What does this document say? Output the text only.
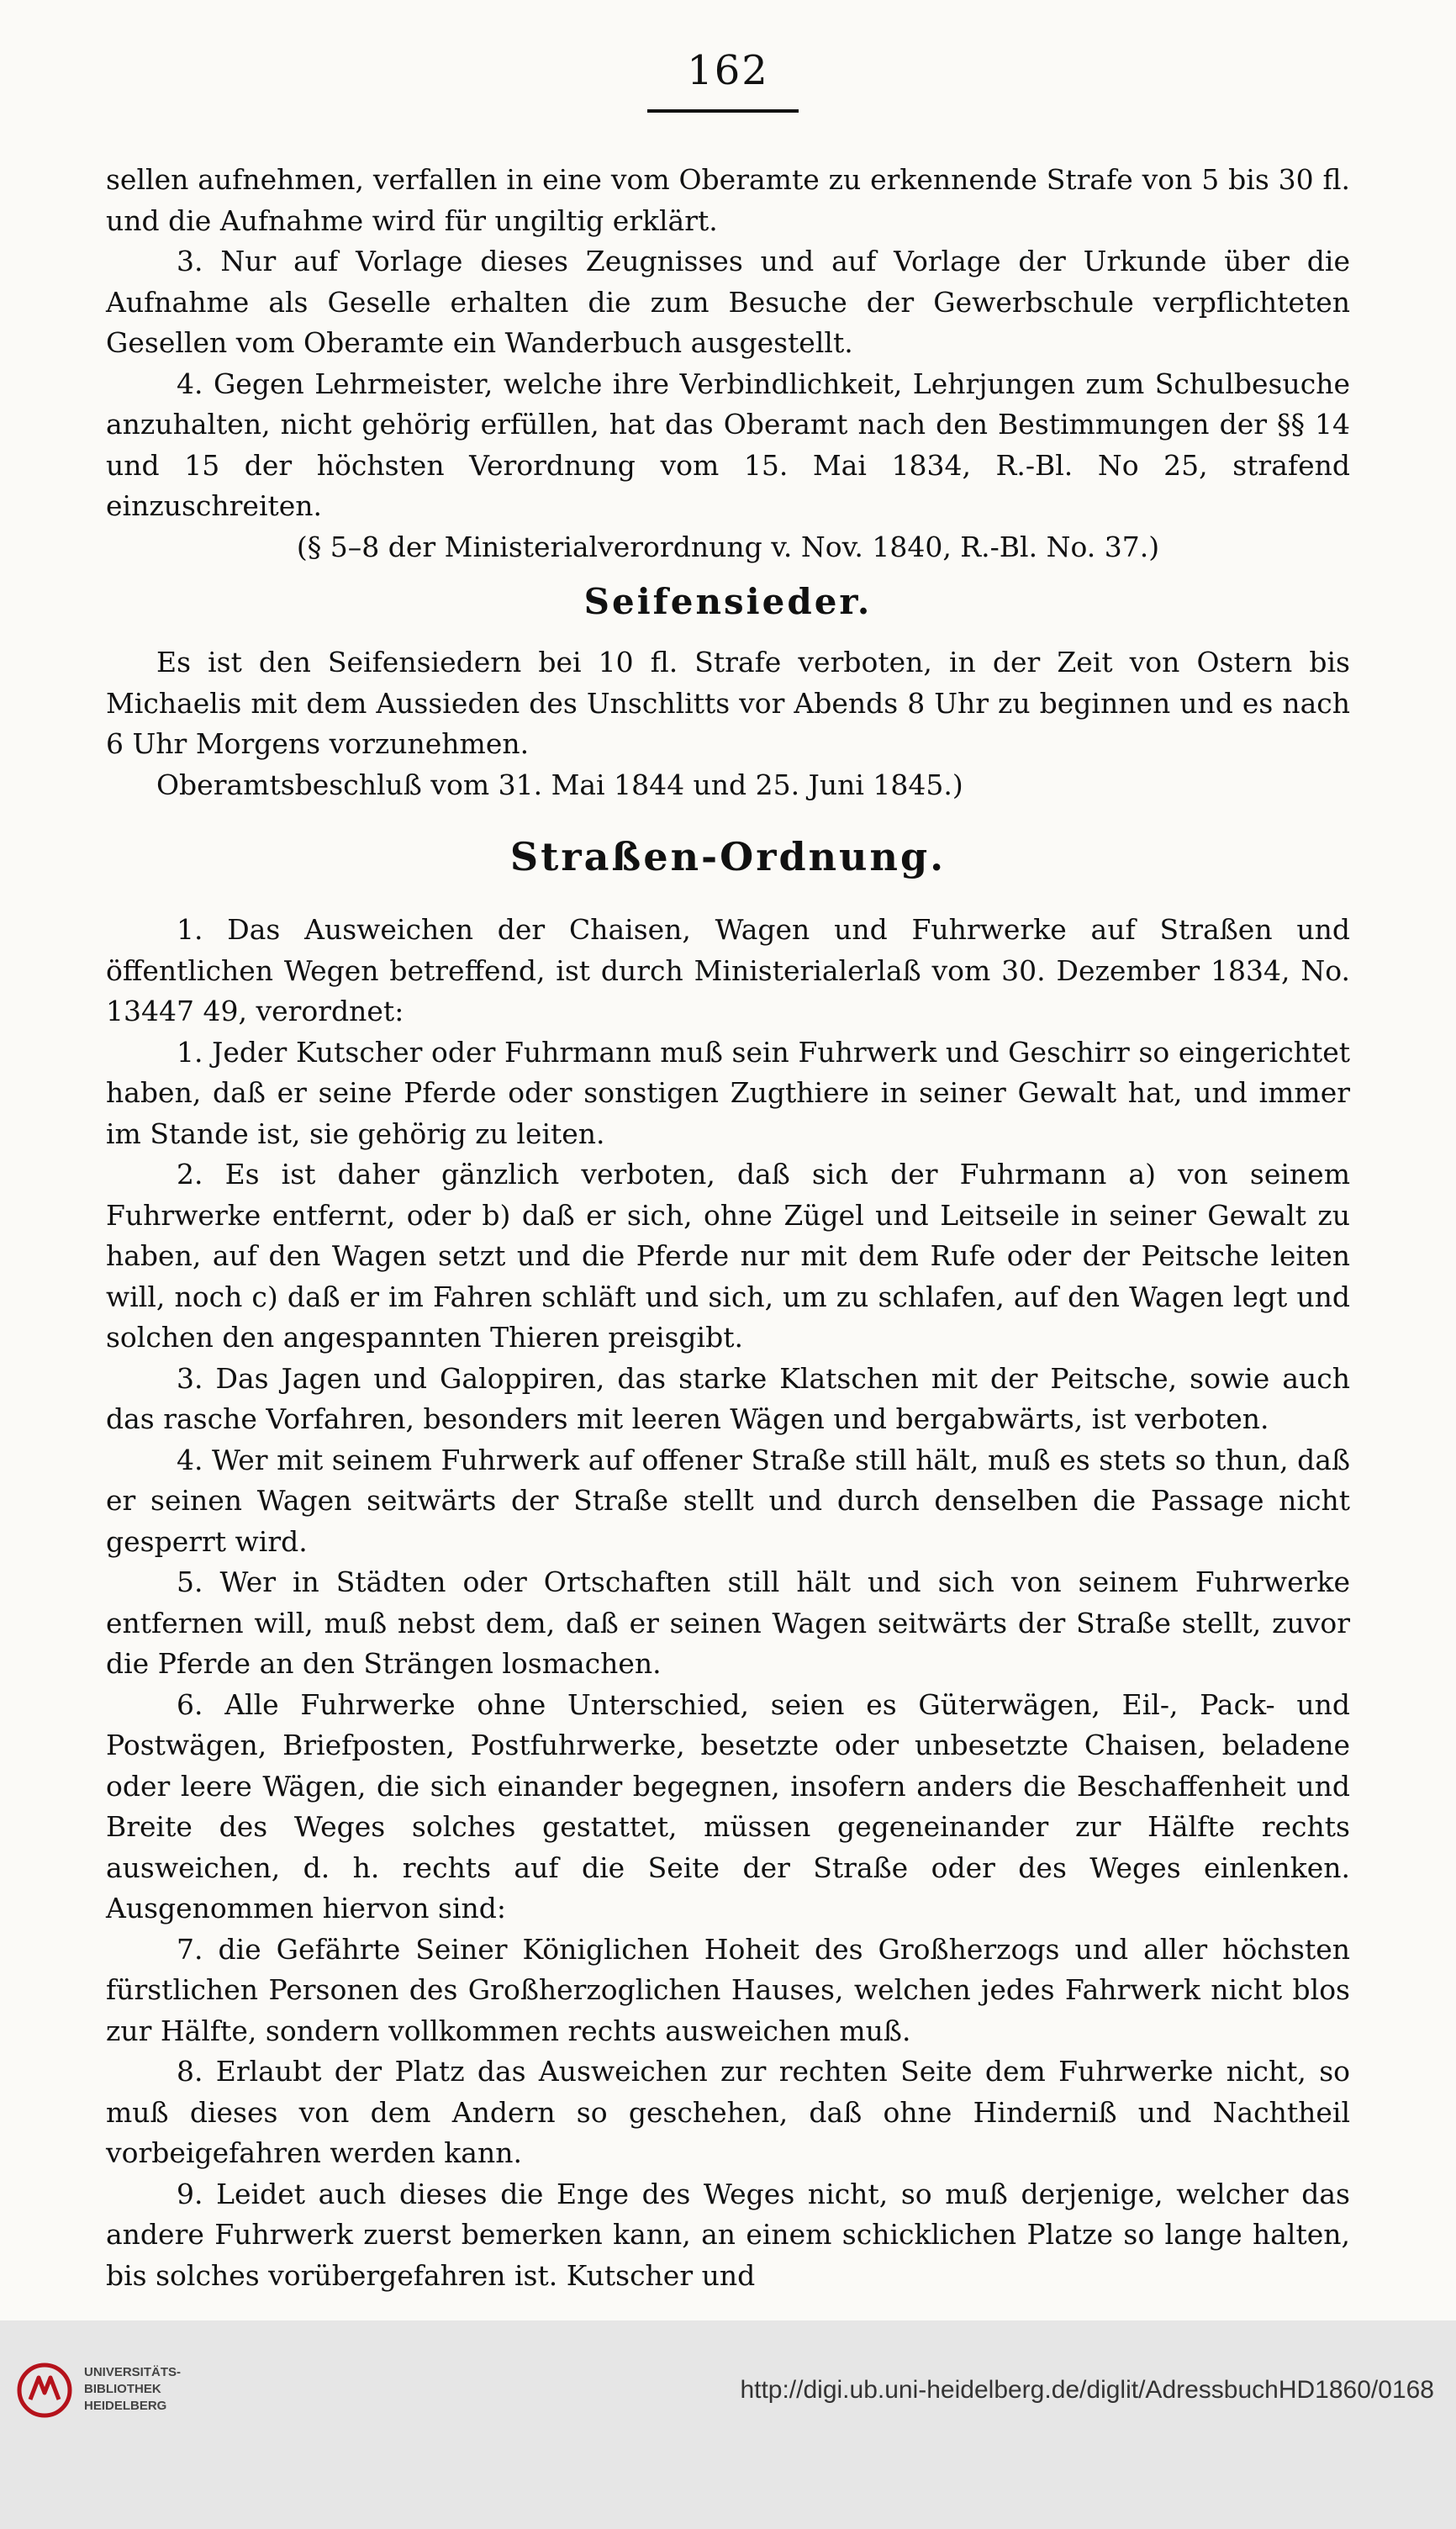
162

sellen aufnehmen, verfallen in eine vom Oberamte zu erkennende Strafe von 5 bis 30 fl. und die Aufnahme wird für ungiltig erklärt.

3. Nur auf Vorlage dieses Zeugnisses und auf Vorlage der Urkunde über die Aufnahme als Geselle erhalten die zum Besuche der Gewerbschule verpflichteten Gesellen vom Oberamte ein Wanderbuch ausgestellt.

4. Gegen Lehrmeister, welche ihre Verbindlichkeit, Lehrjungen zum Schulbesuche anzuhalten, nicht gehörig erfüllen, hat das Oberamt nach den Bestimmungen der §§ 14 und 15 der höchsten Verordnung vom 15. Mai 1834, R.-Bl. No 25, strafend einzuschreiten.

(§ 5–8 der Ministerialverordnung v. Nov. 1840, R.-Bl. No. 37.)

Seifensieder.

Es ist den Seifensiedern bei 10 fl. Strafe verboten, in der Zeit von Ostern bis Michaelis mit dem Aussieden des Unschlitts vor Abends 8 Uhr zu beginnen und es nach 6 Uhr Morgens vorzunehmen.

Oberamtsbeschluß vom 31. Mai 1844 und 25. Juni 1845.)

Straßen-Ordnung.

1. Das Ausweichen der Chaisen, Wagen und Fuhrwerke auf Straßen und öffentlichen Wegen betreffend, ist durch Ministerialerlaß vom 30. Dezember 1834, No. 13447 49, verordnet:

1. Jeder Kutscher oder Fuhrmann muß sein Fuhrwerk und Geschirr so eingerichtet haben, daß er seine Pferde oder sonstigen Zugthiere in seiner Gewalt hat, und immer im Stande ist, sie gehörig zu leiten.

2. Es ist daher gänzlich verboten, daß sich der Fuhrmann a) von seinem Fuhrwerke entfernt, oder b) daß er sich, ohne Zügel und Leitseile in seiner Gewalt zu haben, auf den Wagen setzt und die Pferde nur mit dem Rufe oder der Peitsche leiten will, noch c) daß er im Fahren schläft und sich, um zu schlafen, auf den Wagen legt und solchen den angespannten Thieren preisgibt.

3. Das Jagen und Galoppiren, das starke Klatschen mit der Peitsche, sowie auch das rasche Vorfahren, besonders mit leeren Wägen und bergabwärts, ist verboten.

4. Wer mit seinem Fuhrwerk auf offener Straße still hält, muß es stets so thun, daß er seinen Wagen seitwärts der Straße stellt und durch denselben die Passage nicht gesperrt wird.

5. Wer in Städten oder Ortschaften still hält und sich von seinem Fuhrwerke entfernen will, muß nebst dem, daß er seinen Wagen seitwärts der Straße stellt, zuvor die Pferde an den Strängen losmachen.

6. Alle Fuhrwerke ohne Unterschied, seien es Güterwägen, Eil-, Pack- und Postwägen, Briefposten, Postfuhrwerke, besetzte oder unbesetzte Chaisen, beladene oder leere Wägen, die sich einander begegnen, insofern anders die Beschaffenheit und Breite des Weges solches gestattet, müssen gegeneinander zur Hälfte rechts ausweichen, d. h. rechts auf die Seite der Straße oder des Weges einlenken. Ausgenommen hiervon sind:

7. die Gefährte Seiner Königlichen Hoheit des Großherzogs und aller höchsten fürstlichen Personen des Großherzoglichen Hauses, welchen jedes Fahrwerk nicht blos zur Hälfte, sondern vollkommen rechts ausweichen muß.

8. Erlaubt der Platz das Ausweichen zur rechten Seite dem Fuhrwerke nicht, so muß dieses von dem Andern so geschehen, daß ohne Hinderniß und Nachtheil vorbeigefahren werden kann.

9. Leidet auch dieses die Enge des Weges nicht, so muß derjenige, welcher das andere Fuhrwerk zuerst bemerken kann, an einem schicklichen Platze so lange halten, bis solches vorübergefahren ist. Kutscher und

UNIVERSITÄTS-
BIBLIOTHEK
HEIDELBERG
http://digi.ub.uni-heidelberg.de/diglit/AdressbuchHD1860/0168
